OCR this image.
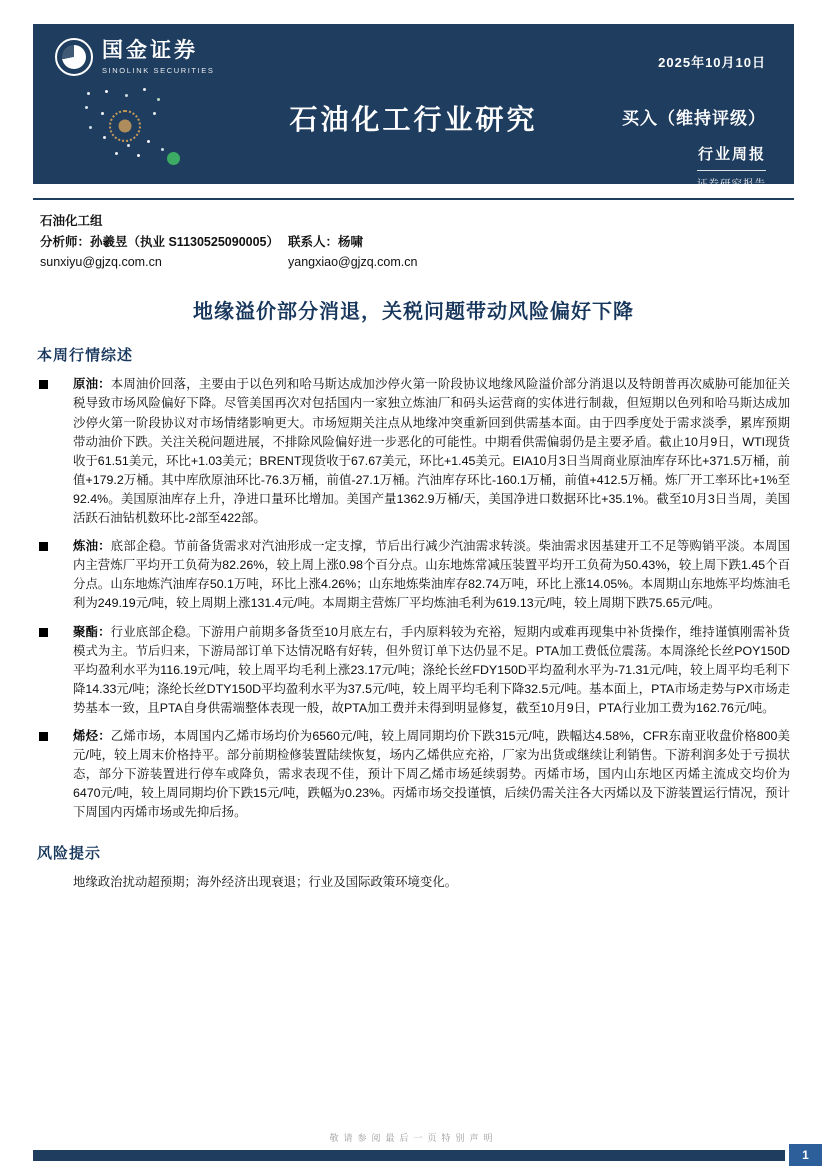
国金证券
SINOLINK SECURITIES
2025年10月10日
石油化工行业研究	买入（维持评级）
行业周报
证券研究报告
石油化工组
分析师：孙羲昱（执业 S1130525090005） 联系人：杨啸
sunxiyu@gjzq.com.cn	yangxiao@gjzq.com.cn
地缘溢价部分消退，关税问题带动风险偏好下降
本周行情综述
原油：本周油价回落，主要由于以色列和哈马斯达成加沙停火第一阶段协议地缘风险溢价部分消退以及特朗普再次威胁可能加征关税导致市场风险偏好下降。尽管美国再次对包括国内一家独立炼油厂和码头运营商的实体进行制裁，但短期以色列和哈马斯达成加沙停火第一阶段协议对市场情绪影响更大。市场短期关注点从地缘冲突重新回到供需基本面。由于四季度处于需求淡季，累库预期带动油价下跌。关注关税问题进展，不排除风险偏好进一步恶化的可能性。中期看供需偏弱仍是主要矛盾。截止10月9日，WTI现货收于61.51美元，环比+1.03美元；BRENT现货收于67.67美元，环比+1.45美元。EIA10月3日当周商业原油库存环比+371.5万桶，前值+179.2万桶。其中库欣原油环比-76.3万桶，前值-27.1万桶。汽油库存环比-160.1万桶，前值+412.5万桶。炼厂开工率环比+1%至92.4%。美国原油库存上升，净进口量环比增加。美国产量1362.9万桶/天，美国净进口数据环比+35.1%。截至10月3日当周，美国活跃石油钻机数环比-2部至422部。
炼油：底部企稳。节前备货需求对汽油形成一定支撑，节后出行减少汽油需求转淡。柴油需求因基建开工不足等购销平淡。本周国内主营炼厂平均开工负荷为82.26%，较上周上涨0.98个百分点。山东地炼常减压装置平均开工负荷为50.43%，较上周下跌1.45个百分点。山东地炼汽油库存50.1万吨，环比上涨4.26%；山东地炼柴油库存82.74万吨，环比上涨14.05%。本周期山东地炼平均炼油毛利为249.19元/吨，较上周期上涨131.4元/吨。本周期主营炼厂平均炼油毛利为619.13元/吨，较上周期下跌75.65元/吨。
聚酯：行业底部企稳。下游用户前期多备货至10月底左右，手内原料较为充裕，短期内或难再现集中补货操作，维持谨慎刚需补货模式为主。节后归来，下游局部订单下达情况略有好转，但外贸订单下达仍显不足。PTA加工费低位震荡。本周涤纶长丝POY150D平均盈利水平为116.19元/吨，较上周平均毛利上涨23.17元/吨；涤纶长丝FDY150D平均盈利水平为-71.31元/吨，较上周平均毛利下降14.33元/吨；涤纶长丝DTY150D平均盈利水平为37.5元/吨，较上周平均毛利下降32.5元/吨。基本面上，PTA市场走势与PX市场走势基本一致，且PTA自身供需端整体表现一般，故PTA加工费并未得到明显修复，截至10月9日，PTA行业加工费为162.76元/吨。
烯烃：乙烯市场，本周国内乙烯市场均价为6560元/吨，较上周同期均价下跌315元/吨，跌幅达4.58%，CFR东南亚收盘价格800美元/吨，较上周末价格持平。部分前期检修装置陆续恢复，场内乙烯供应充裕，厂家为出货或继续让利销售。下游利润多处于亏损状态，部分下游装置进行停车或降负，需求表现不佳，预计下周乙烯市场延续弱势。丙烯市场，国内山东地区丙烯主流成交均价为6470元/吨，较上周同期均价下跌15元/吨，跌幅为0.23%。丙烯市场交投谨慎，后续仍需关注各大丙烯以及下游装置运行情况，预计下周国内丙烯市场或先抑后扬。
风险提示

地缘政治扰动超预期；海外经济出现衰退；行业及国际政策环境变化。

敬请参阅最后一页特别声明
1
